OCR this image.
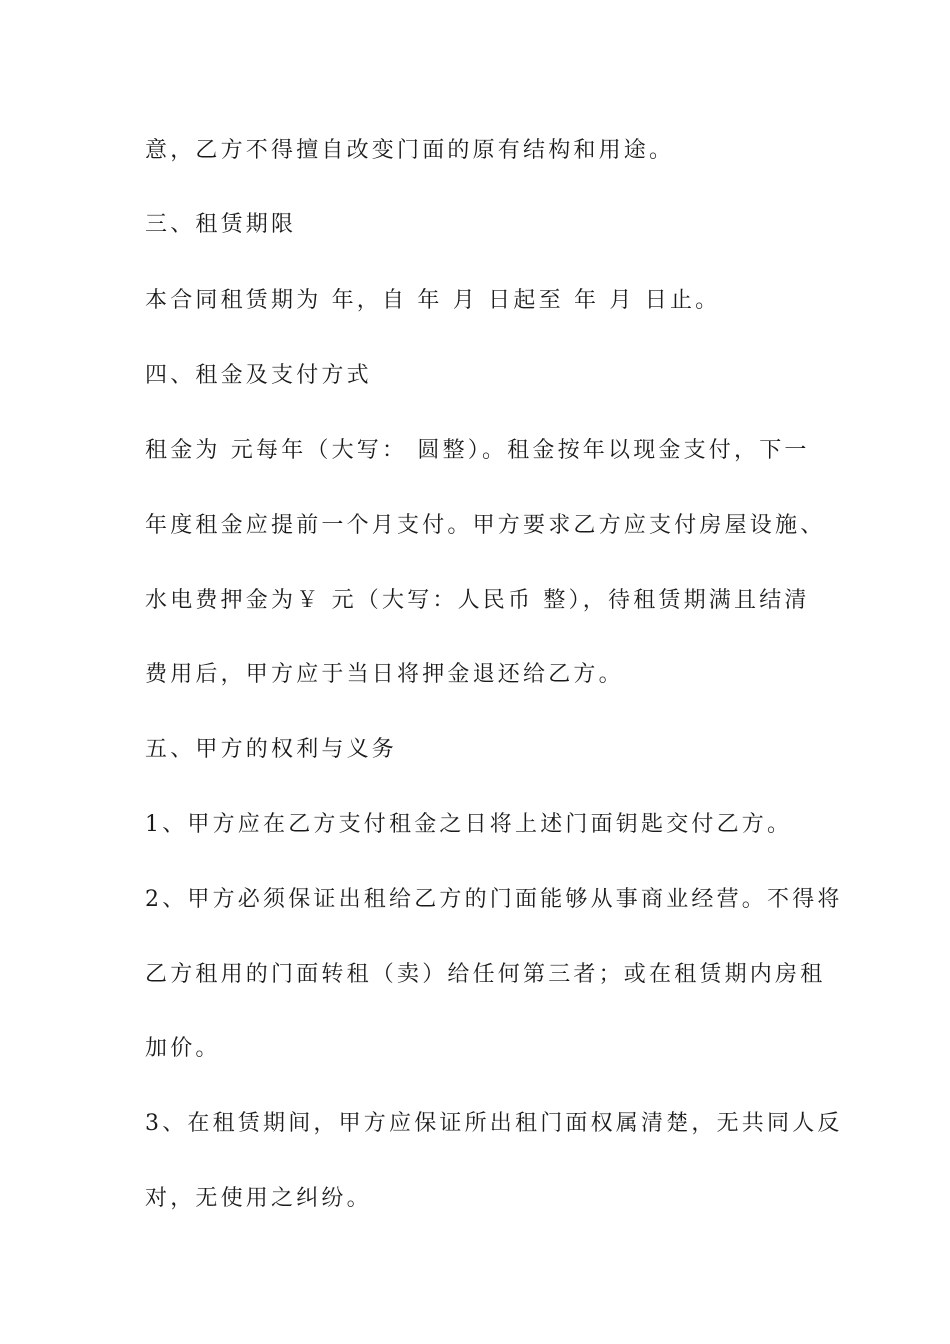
意，乙方不得擅自改变门面的原有结构和用途。

三、租赁期限

本合同租赁期为 年，自 年 月 日起至 年 月 日止。

四、租金及支付方式

租金为 元每年（大写： 圆整）。租金按年以现金支付，下一

年度租金应提前一个月支付。甲方要求乙方应支付房屋设施、

水电费押金为￥ 元（大写：人民币 整），待租赁期满且结清

费用后，甲方应于当日将押金退还给乙方。

五、甲方的权利与义务

1、甲方应在乙方支付租金之日将上述门面钥匙交付乙方。

2、甲方必须保证出租给乙方的门面能够从事商业经营。不得将

乙方租用的门面转租（卖）给任何第三者；或在租赁期内房租

加价。

3、在租赁期间，甲方应保证所出租门面权属清楚，无共同人反

对，无使用之纠纷。
